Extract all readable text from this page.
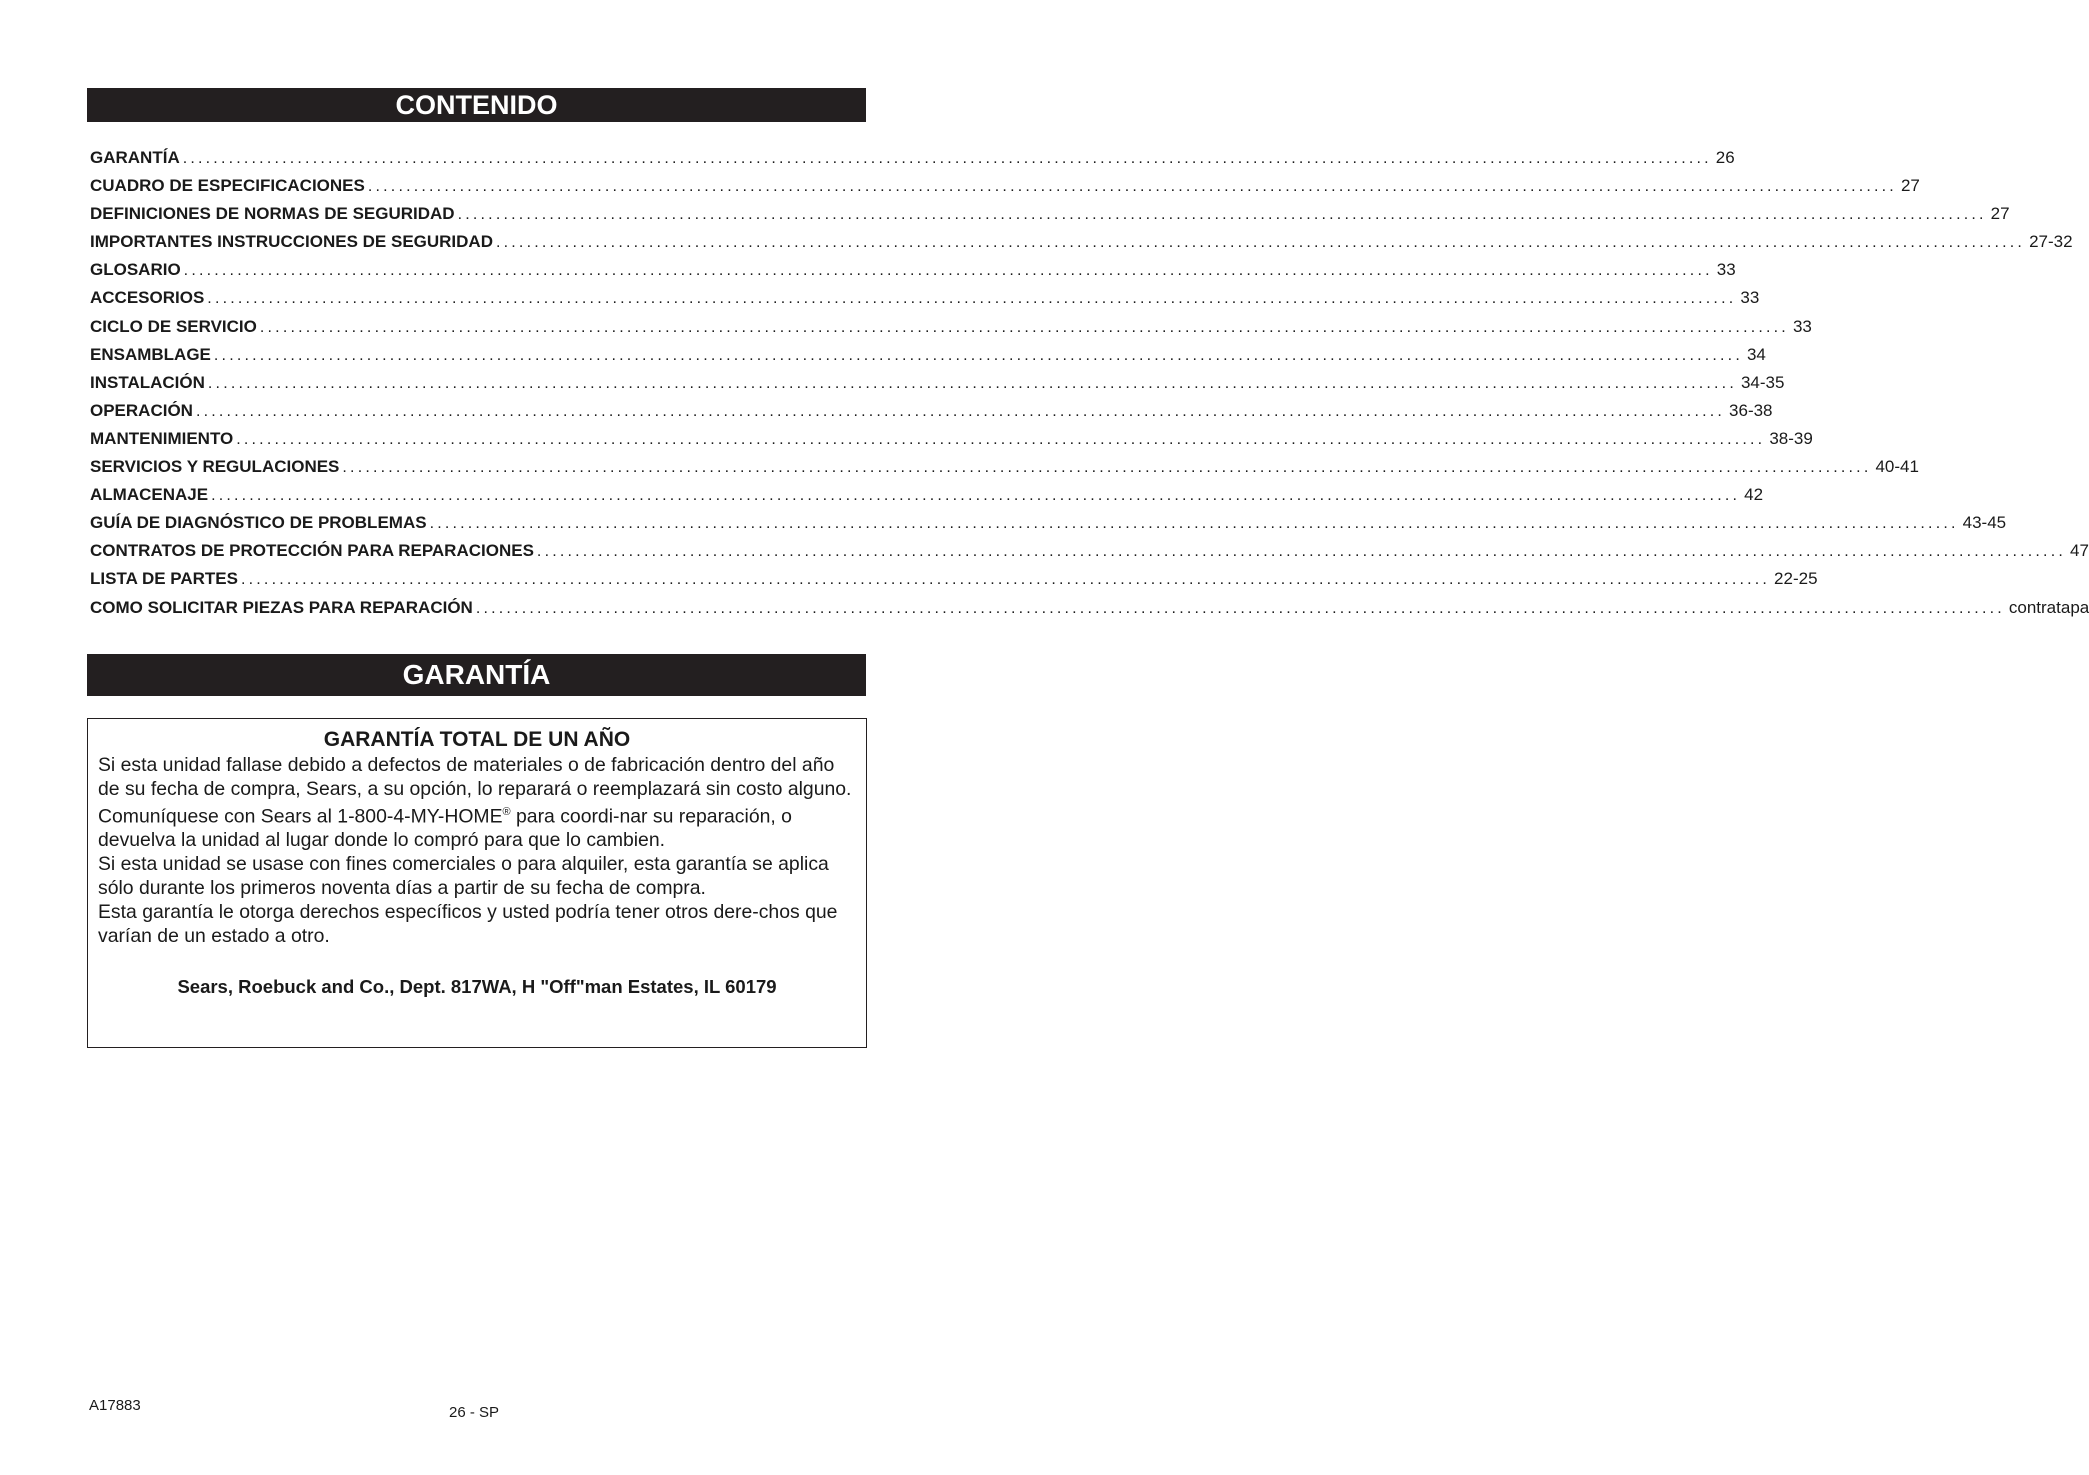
CONTENIDO
GARANTÍA ........................................................................................................................................................................................................ 26
CUADRO DE ESPECIFICACIONES ........................................................................................................................................................................................................ 27
DEFINICIONES DE NORMAS DE SEGURIDAD ........................................................................................................................................................................................................ 27
IMPORTANTES INSTRUCCIONES DE SEGURIDAD ........................................................................................................................................................................................................ 27-32
GLOSARIO ........................................................................................................................................................................................................ 33
ACCESORIOS ........................................................................................................................................................................................................ 33
CICLO DE SERVICIO ........................................................................................................................................................................................................ 33
ENSAMBLAGE ........................................................................................................................................................................................................ 34
INSTALACIÓN ........................................................................................................................................................................................................ 34-35
OPERACIÓN ........................................................................................................................................................................................................ 36-38
MANTENIMIENTO ........................................................................................................................................................................................................ 38-39
SERVICIOS Y REGULACIONES ........................................................................................................................................................................................................ 40-41
ALMACENAJE ........................................................................................................................................................................................................ 42
GUÍA DE DIAGNÓSTICO DE PROBLEMAS ........................................................................................................................................................................................................ 43-45
CONTRATOS DE PROTECCIÓN PARA REPARACIONES ........................................................................................................................................................................................................ 47
LISTA DE PARTES ........................................................................................................................................................................................................ 22-25
COMO SOLICITAR PIEZAS PARA REPARACIÓN ........................................................................................................................................................................................................ contratapa
GARANTÍA
GARANTÍA TOTAL DE UN AÑO

Si esta unidad fallase debido a defectos de materiales o de fabricación dentro del año de su fecha de compra, Sears, a su opción, lo reparará o reemplazará sin costo alguno. Comuníquese con Sears al 1-800-4-MY-HOME® para coordi-nar su reparación, o devuelva la unidad al lugar donde lo compró para que lo cambien.

Si esta unidad se usase con fines comerciales o para alquiler, esta garantía se aplica sólo durante los primeros noventa días a partir de su fecha de compra.

Esta garantía le otorga derechos específicos y usted podría tener otros dere-chos que varían de un estado a otro.

Sears, Roebuck and Co., Dept. 817WA, H "Off"man Estates, IL 60179
A17883	26 - SP
